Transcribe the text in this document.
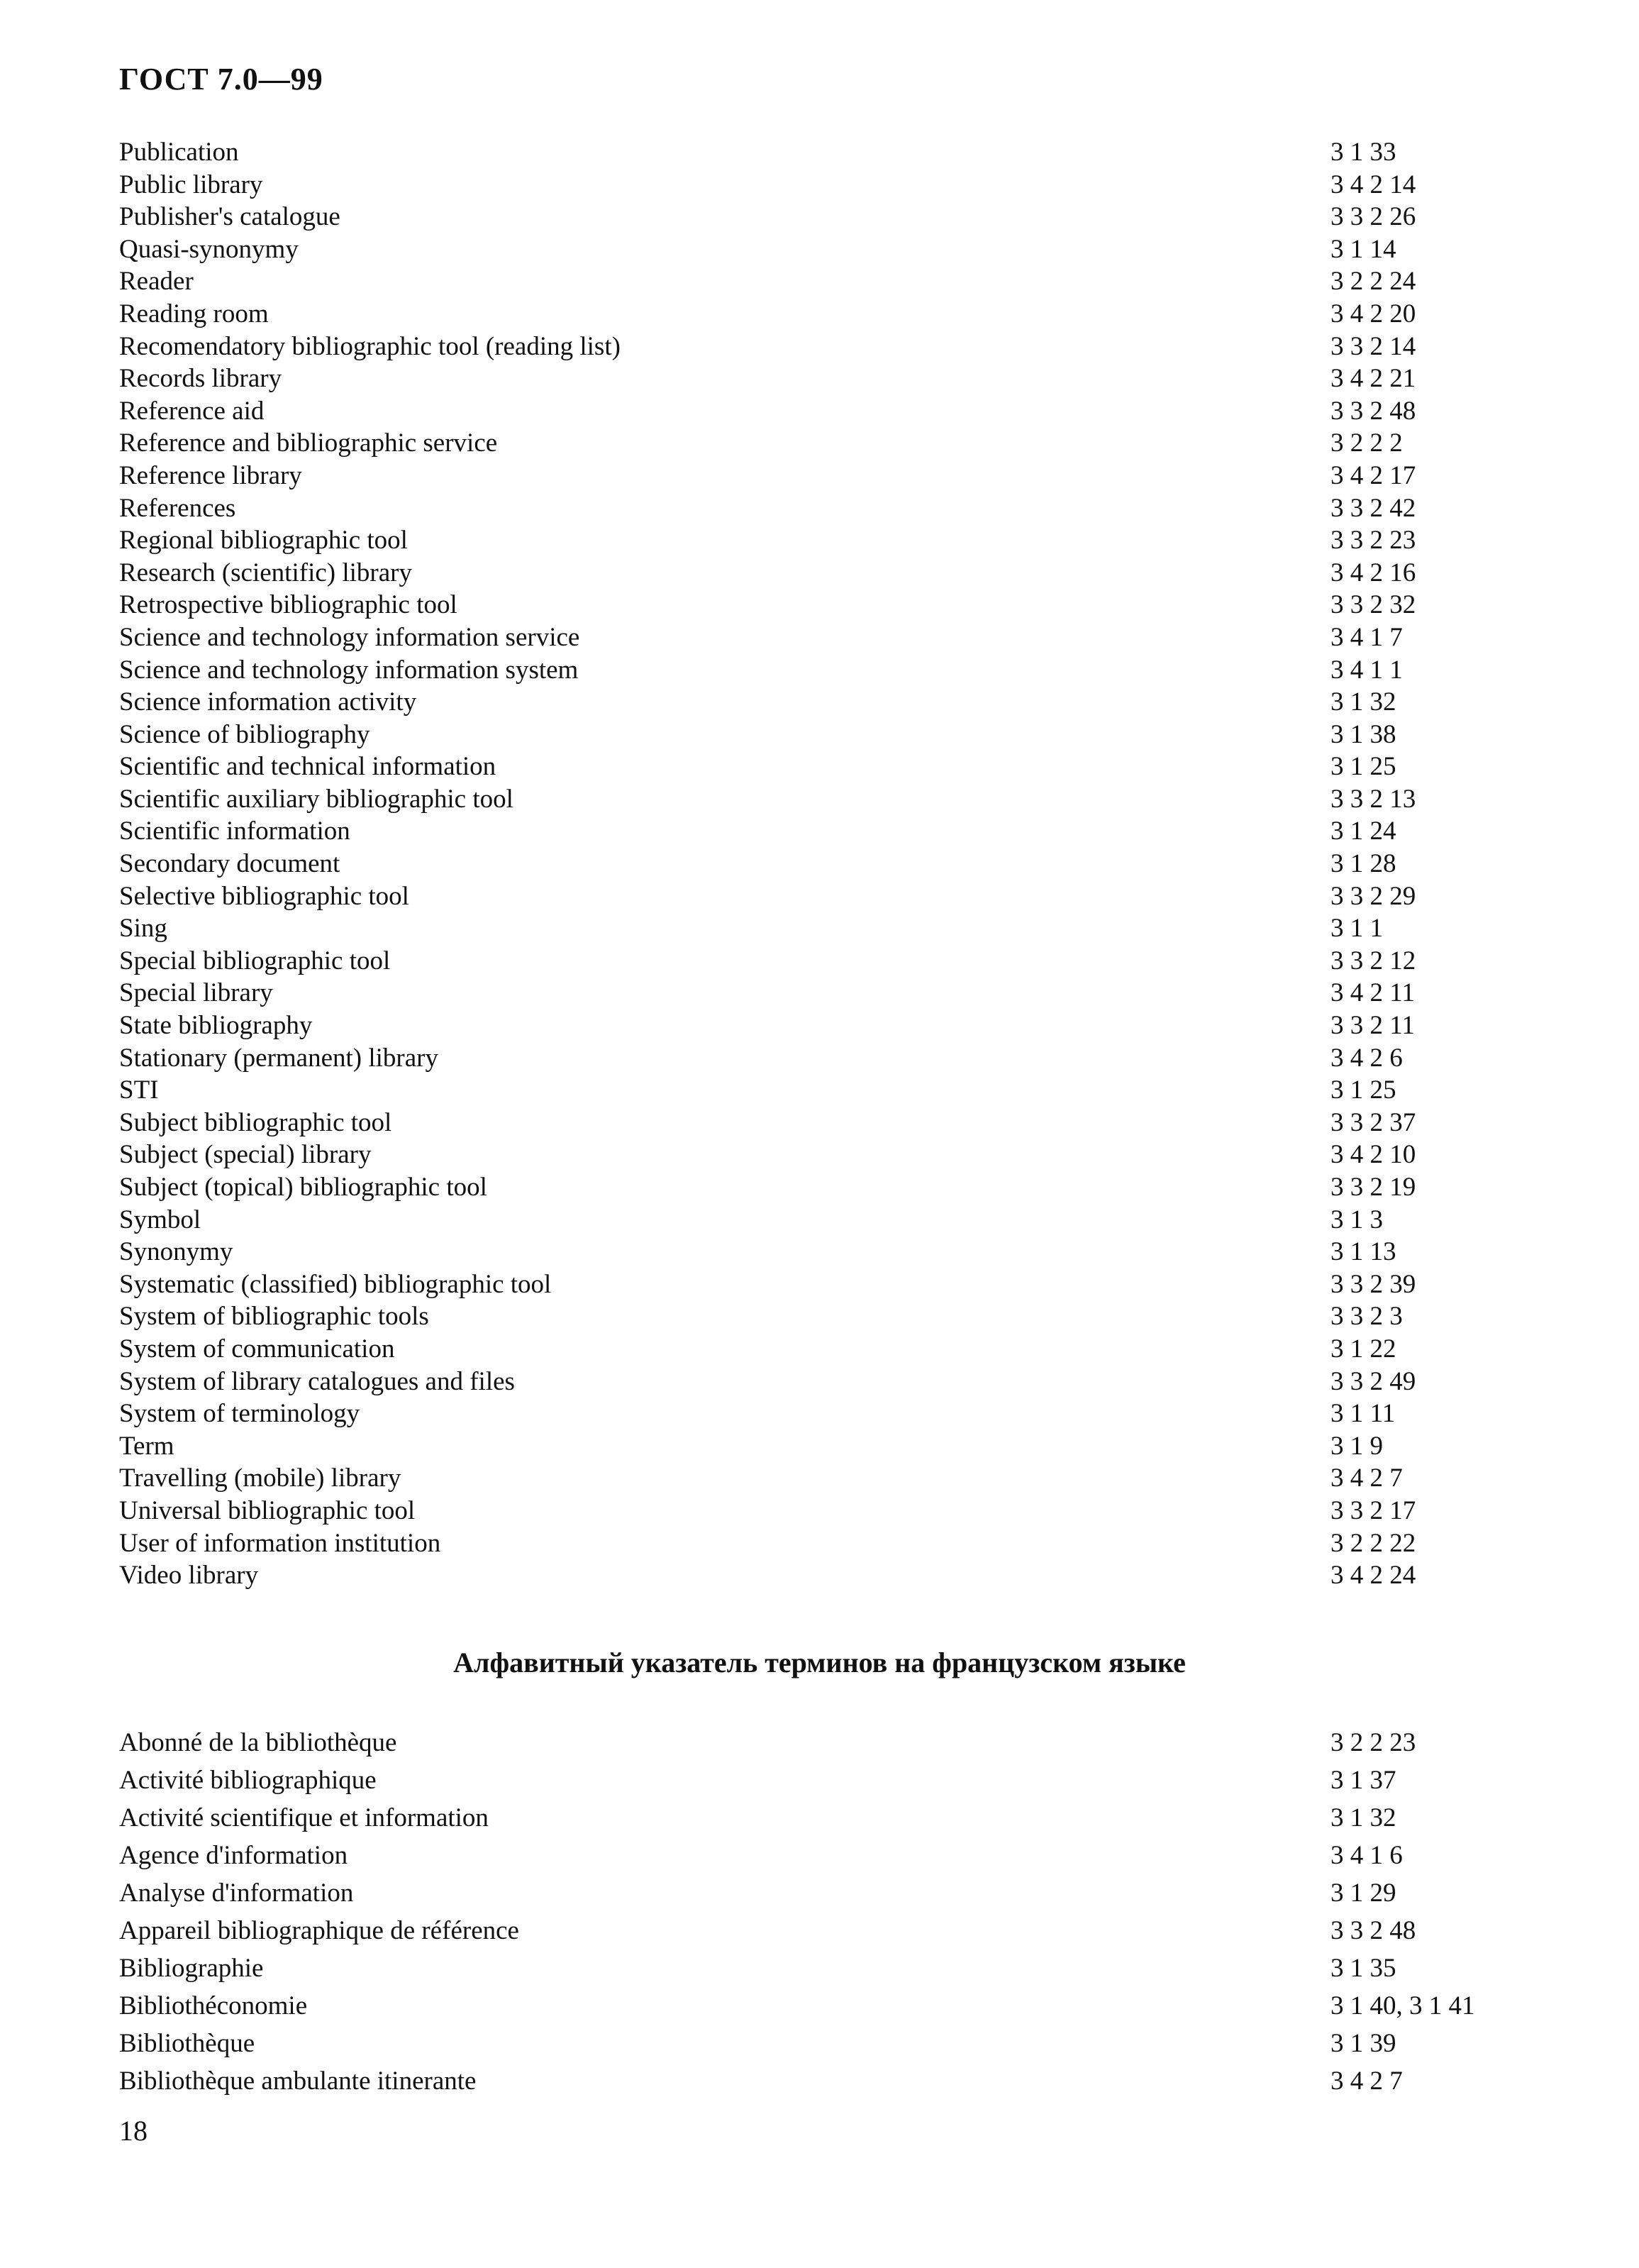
ГОСТ 7.0—99
Publication	3 1 33
Public library	3 4 2 14
Publisher's catalogue	3 3 2 26
Quasi-synonymy	3 1 14
Reader	3 2 2 24
Reading room	3 4 2 20
Recomendatory bibliographic tool (reading list)	3 3 2 14
Records library	3 4 2 21
Reference aid	3 3 2 48
Reference and bibliographic service	3 2 2 2
Reference library	3 4 2 17
References	3 3 2 42
Regional bibliographic tool	3 3 2 23
Research (scientific) library	3 4 2 16
Retrospective bibliographic tool	3 3 2 32
Science and technology information service	3 4 1 7
Science and technology information system	3 4 1 1
Science information activity	3 1 32
Science of bibliography	3 1 38
Scientific and technical information	3 1 25
Scientific auxiliary bibliographic tool	3 3 2 13
Scientific information	3 1 24
Secondary document	3 1 28
Selective bibliographic tool	3 3 2 29
Sing	3 1 1
Special bibliographic tool	3 3 2 12
Special library	3 4 2 11
State bibliography	3 3 2 11
Stationary (permanent) library	3 4 2 6
STI	3 1 25
Subject bibliographic tool	3 3 2 37
Subject (special) library	3 4 2 10
Subject (topical) bibliographic tool	3 3 2 19
Symbol	3 1 3
Synonymy	3 1 13
Systematic (classified) bibliographic tool	3 3 2 39
System of bibliographic tools	3 3 2 3
System of communication	3 1 22
System of library catalogues and files	3 3 2 49
System of terminology	3 1 11
Term	3 1 9
Travelling (mobile) library	3 4 2 7
Universal bibliographic tool	3 3 2 17
User of information institution	3 2 2 22
Video library	3 4 2 24
Алфавитный указатель терминов на французском языке
Abonné de la bibliothèque	3 2 2 23
Activité bibliographique	3 1 37
Activité scientifique et information	3 1 32
Agence d'information	3 4 1 6
Analyse d'information	3 1 29
Appareil bibliographique de référence	3 3 2 48
Bibliographie	3 1 35
Bibliothéconomie	3 1 40, 3 1 41
Bibliothèque	3 1 39
Bibliothèque ambulante itinerante	3 4 2 7
18
